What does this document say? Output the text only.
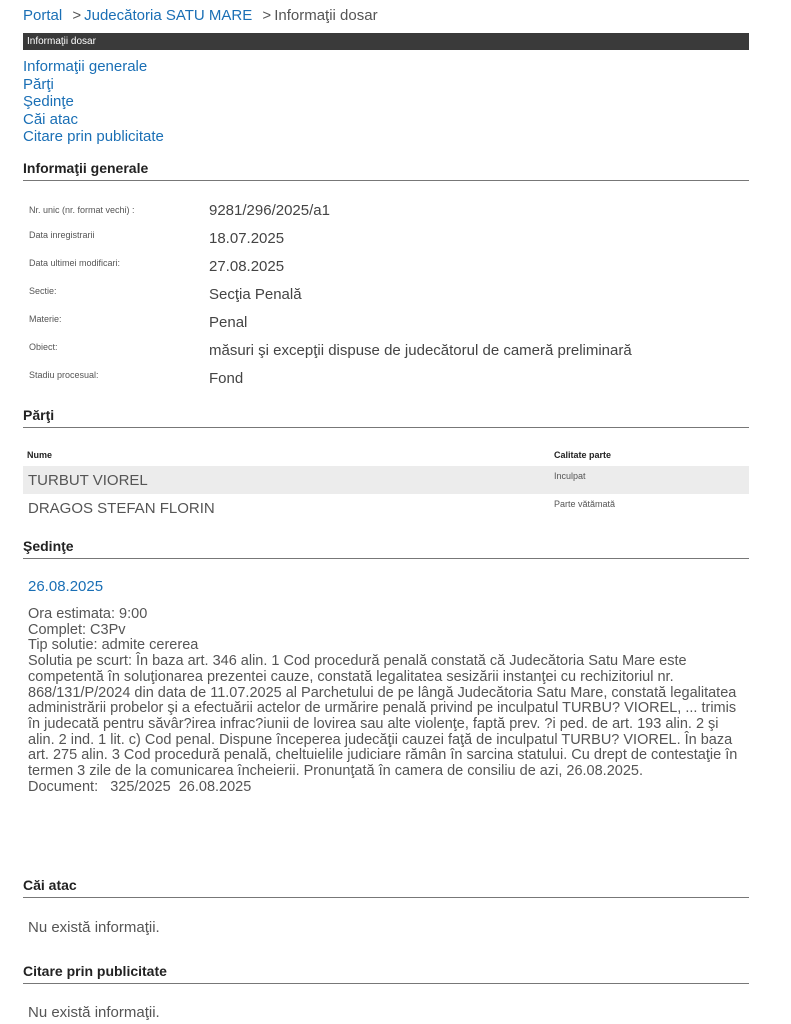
Portal > Judecătoria SATU MARE > Informaţii dosar
Informaţii dosar
Informaţii generale
Părţi
Şedinţe
Căi atac
Citare prin publicitate
Informaţii generale
Nr. unic (nr. format vechi) :	9281/296/2025/a1
Data inregistrarii	18.07.2025
Data ultimei modificari:	27.08.2025
Sectie:	Secţia Penală
Materie:	Penal
Obiect:	măsuri şi excepţii dispuse de judecătorul de cameră preliminară
Stadiu procesual:	Fond
Părţi
Nume	Calitate parte
TURBUT VIOREL	Inculpat
DRAGOS STEFAN FLORIN	Parte vătămată
Şedinţe
26.08.2025
Ora estimata: 9:00
Complet: C3Pv
Tip solutie: admite cererea
Solutia pe scurt: În baza art. 346 alin. 1 Cod procedură penală constată că Judecătoria Satu Mare este competentă în soluţionarea prezentei cauze, constată legalitatea sesizării instanţei cu rechizitoriul nr. 868/131/P/2024 din data de 11.07.2025 al Parchetului de pe lângă Judecătoria Satu Mare, constată legalitatea administrării probelor şi a efectuării actelor de urmărire penală privind pe inculpatul TURBU? VIOREL, ... trimis în judecată pentru săvâr?irea infrac?iunii de lovirea sau alte violenţe, faptă prev. ?i ped. de art. 193 alin. 2 şi alin. 2 ind. 1 lit. c) Cod penal. Dispune începerea judecăţii cauzei faţă de inculpatul TURBU? VIOREL. În baza art. 275 alin. 3 Cod procedură penală, cheltuielile judiciare rămân în sarcina statului. Cu drept de contestaţie în termen 3 zile de la comunicarea încheierii. Pronunţată în camera de consiliu de azi, 26.08.2025.
Document:   325/2025  26.08.2025
Căi atac
Nu există informaţii.
Citare prin publicitate
Nu există informaţii.
